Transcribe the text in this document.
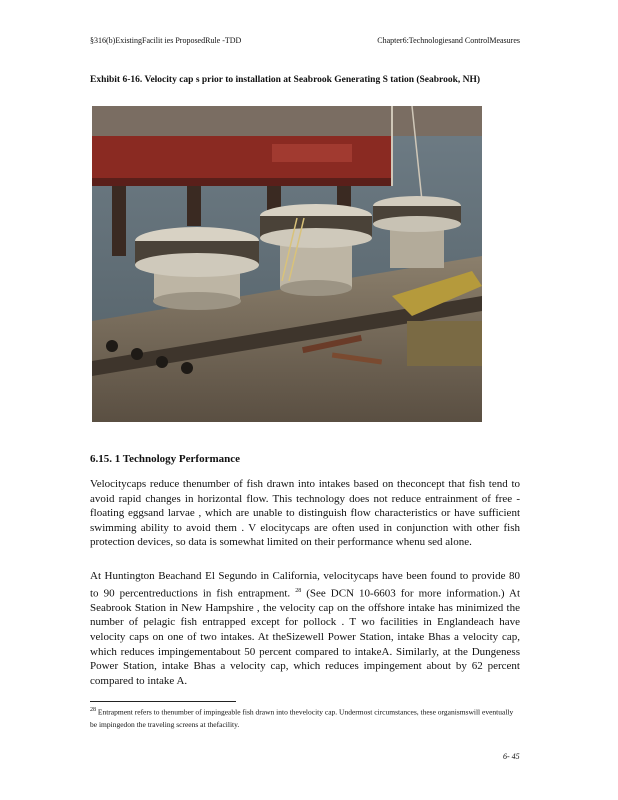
§316(b)ExistingFacilit ies ProposedRule -TDD	Chapter6:Technologiesand ControlMeasures
Exhibit 6-16. Velocity cap s prior to installation at Seabrook Generating S tation (Seabrook, NH)
6.15. 1 Technology Performance

Velocitycaps reduce thenumber of fish drawn into intakes based on theconcept that fish tend to avoid rapid changes in horizontal flow. This technology does not reduce entrainment of free -floating eggsand larvae , which are unable to distinguish flow characteristics or have sufficient swimming ability to avoid them . V elocitycaps are often used in conjunction with other fish protection devices, so data is somewhat limited on their performance whenu sed alone.

At Huntington Beachand El Segundo in California, velocitycaps have been found to provide 80 to 90 percentreductions in fish entrapment. $^{28}$ (See DCN 10-6603 for more information.) At Seabrook Station in New Hampshire , the velocity cap on the offshore intake has minimized the number of pelagic fish entrapped except for pollock . T wo facilities in Englandeach have velocity caps on one of two intakes. At theSizewell Power Station, intake Bhas a velocity cap, which reduces impingementabout 50 percent compared to intakeA. Similarly, at the Dungeness Power Station, intake Bhas a velocity cap, which reduces impingement about by 62 percent compared to intake A.

$^{28}$ Entrapment refers to thenumber of impingeable fish drawn into thevelocity cap. Undermost circumstances, these organismswill eventually be impingedon the traveling screens at thefacility.
6- 45
